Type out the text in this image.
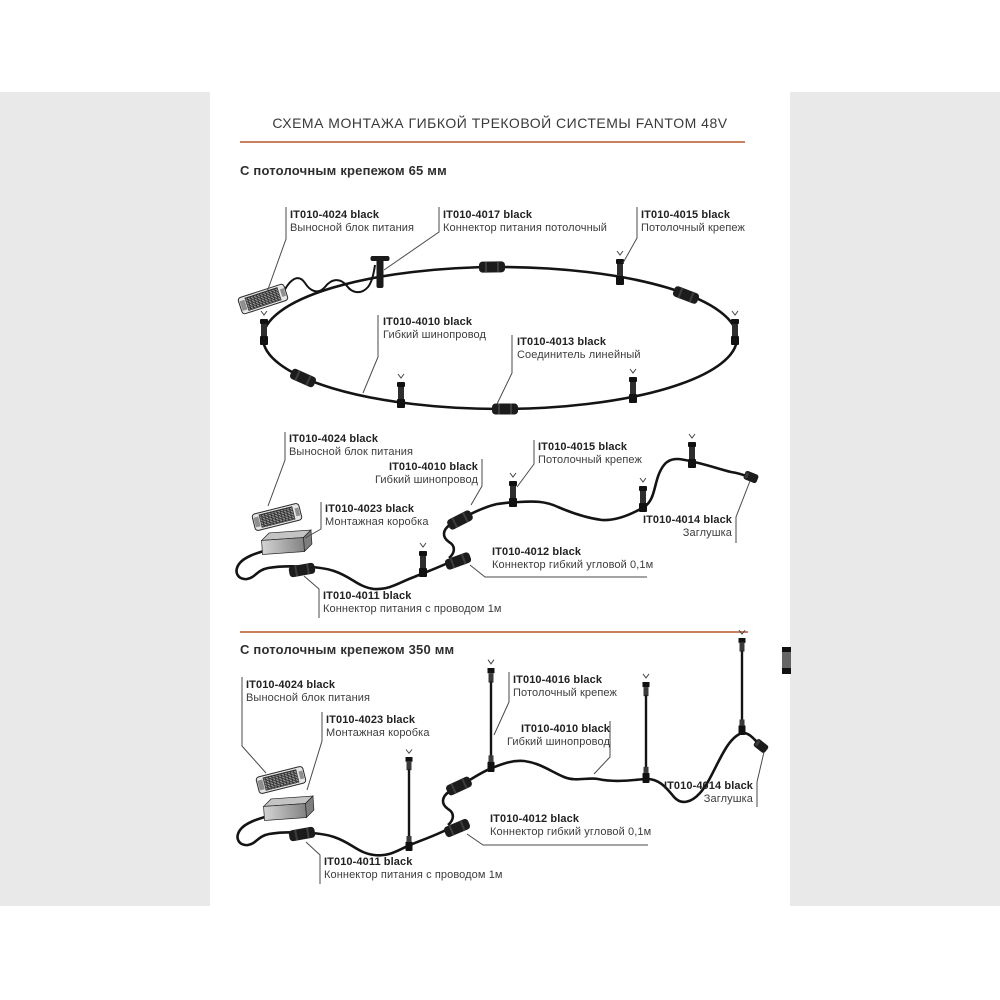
СХЕМА МОНТАЖА ГИБКОЙ ТРЕКОВОЙ СИСТЕМЫ FANTOM 48V
С потолочным крепежом 65 мм
С потолочным крепежом 350 мм
IT010-4024 black
Выносной блок питания
IT010-4017 black
Коннектор питания потолочный
IT010-4015 black
Потолочный крепеж
IT010-4010 black
Гибкий шинопровод
IT010-4013 black
Соединитель линейный
IT010-4024 black
Выносной блок питания
IT010-4023 black
Монтажная коробка
IT010-4010 black
Гибкий шинопровод
IT010-4015 black
Потолочный крепеж
IT010-4014 black
Заглушка
IT010-4012 black
Коннектор гибкий угловой 0,1м
IT010-4011 black
Коннектор питания с проводом 1м
IT010-4024 black
Выносной блок питания
IT010-4023 black
Монтажная коробка
IT010-4016 black
Потолочный крепеж
IT010-4010 black
Гибкий шинопровод
IT010-4014 black
Заглушка
IT010-4012 black
Коннектор гибкий угловой 0,1м
IT010-4011 black
Коннектор питания с проводом 1м
